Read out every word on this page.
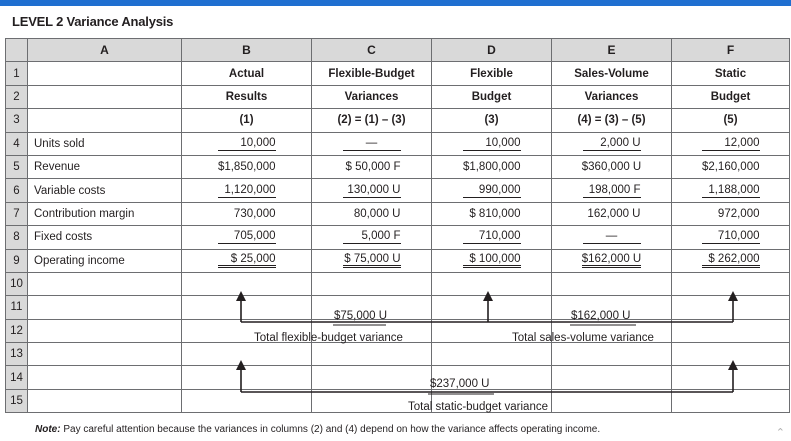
LEVEL 2 Variance Analysis
	A	B	C	D	E	F
1		Actual	Flexible-Budget	Flexible	Sales-Volume	Static
2		Results	Variances	Budget	Variances	Budget
3		(1)	(2) = (1) – (3)	(3)	(4) = (3) – (5)	(5)
4	Units sold	10,000	—	10,000	2,000 U	12,000
5	Revenue	$1,850,000	$ 50,000 F	$1,800,000	$360,000 U	$2,160,000
6	Variable costs	1,120,000	130,000 U	990,000	198,000 F	1,188,000
7	Contribution margin	730,000	80,000 U	$ 810,000	162,000 U	972,000
8	Fixed costs	705,000	5,000 F	710,000	—	710,000
9	Operating income	$ 25,000	$ 75,000 U	$ 100,000	$162,000 U	$ 262,000
10						
11						
12						
13						
14						
15						
$75,000 U
Total flexible-budget variance
$162,000 U
Total sales-volume variance
$237,000 U
Total static-budget variance
Note: Pay careful attention because the variances in columns (2) and (4) depend on how the variance affects operating income.	⌃
